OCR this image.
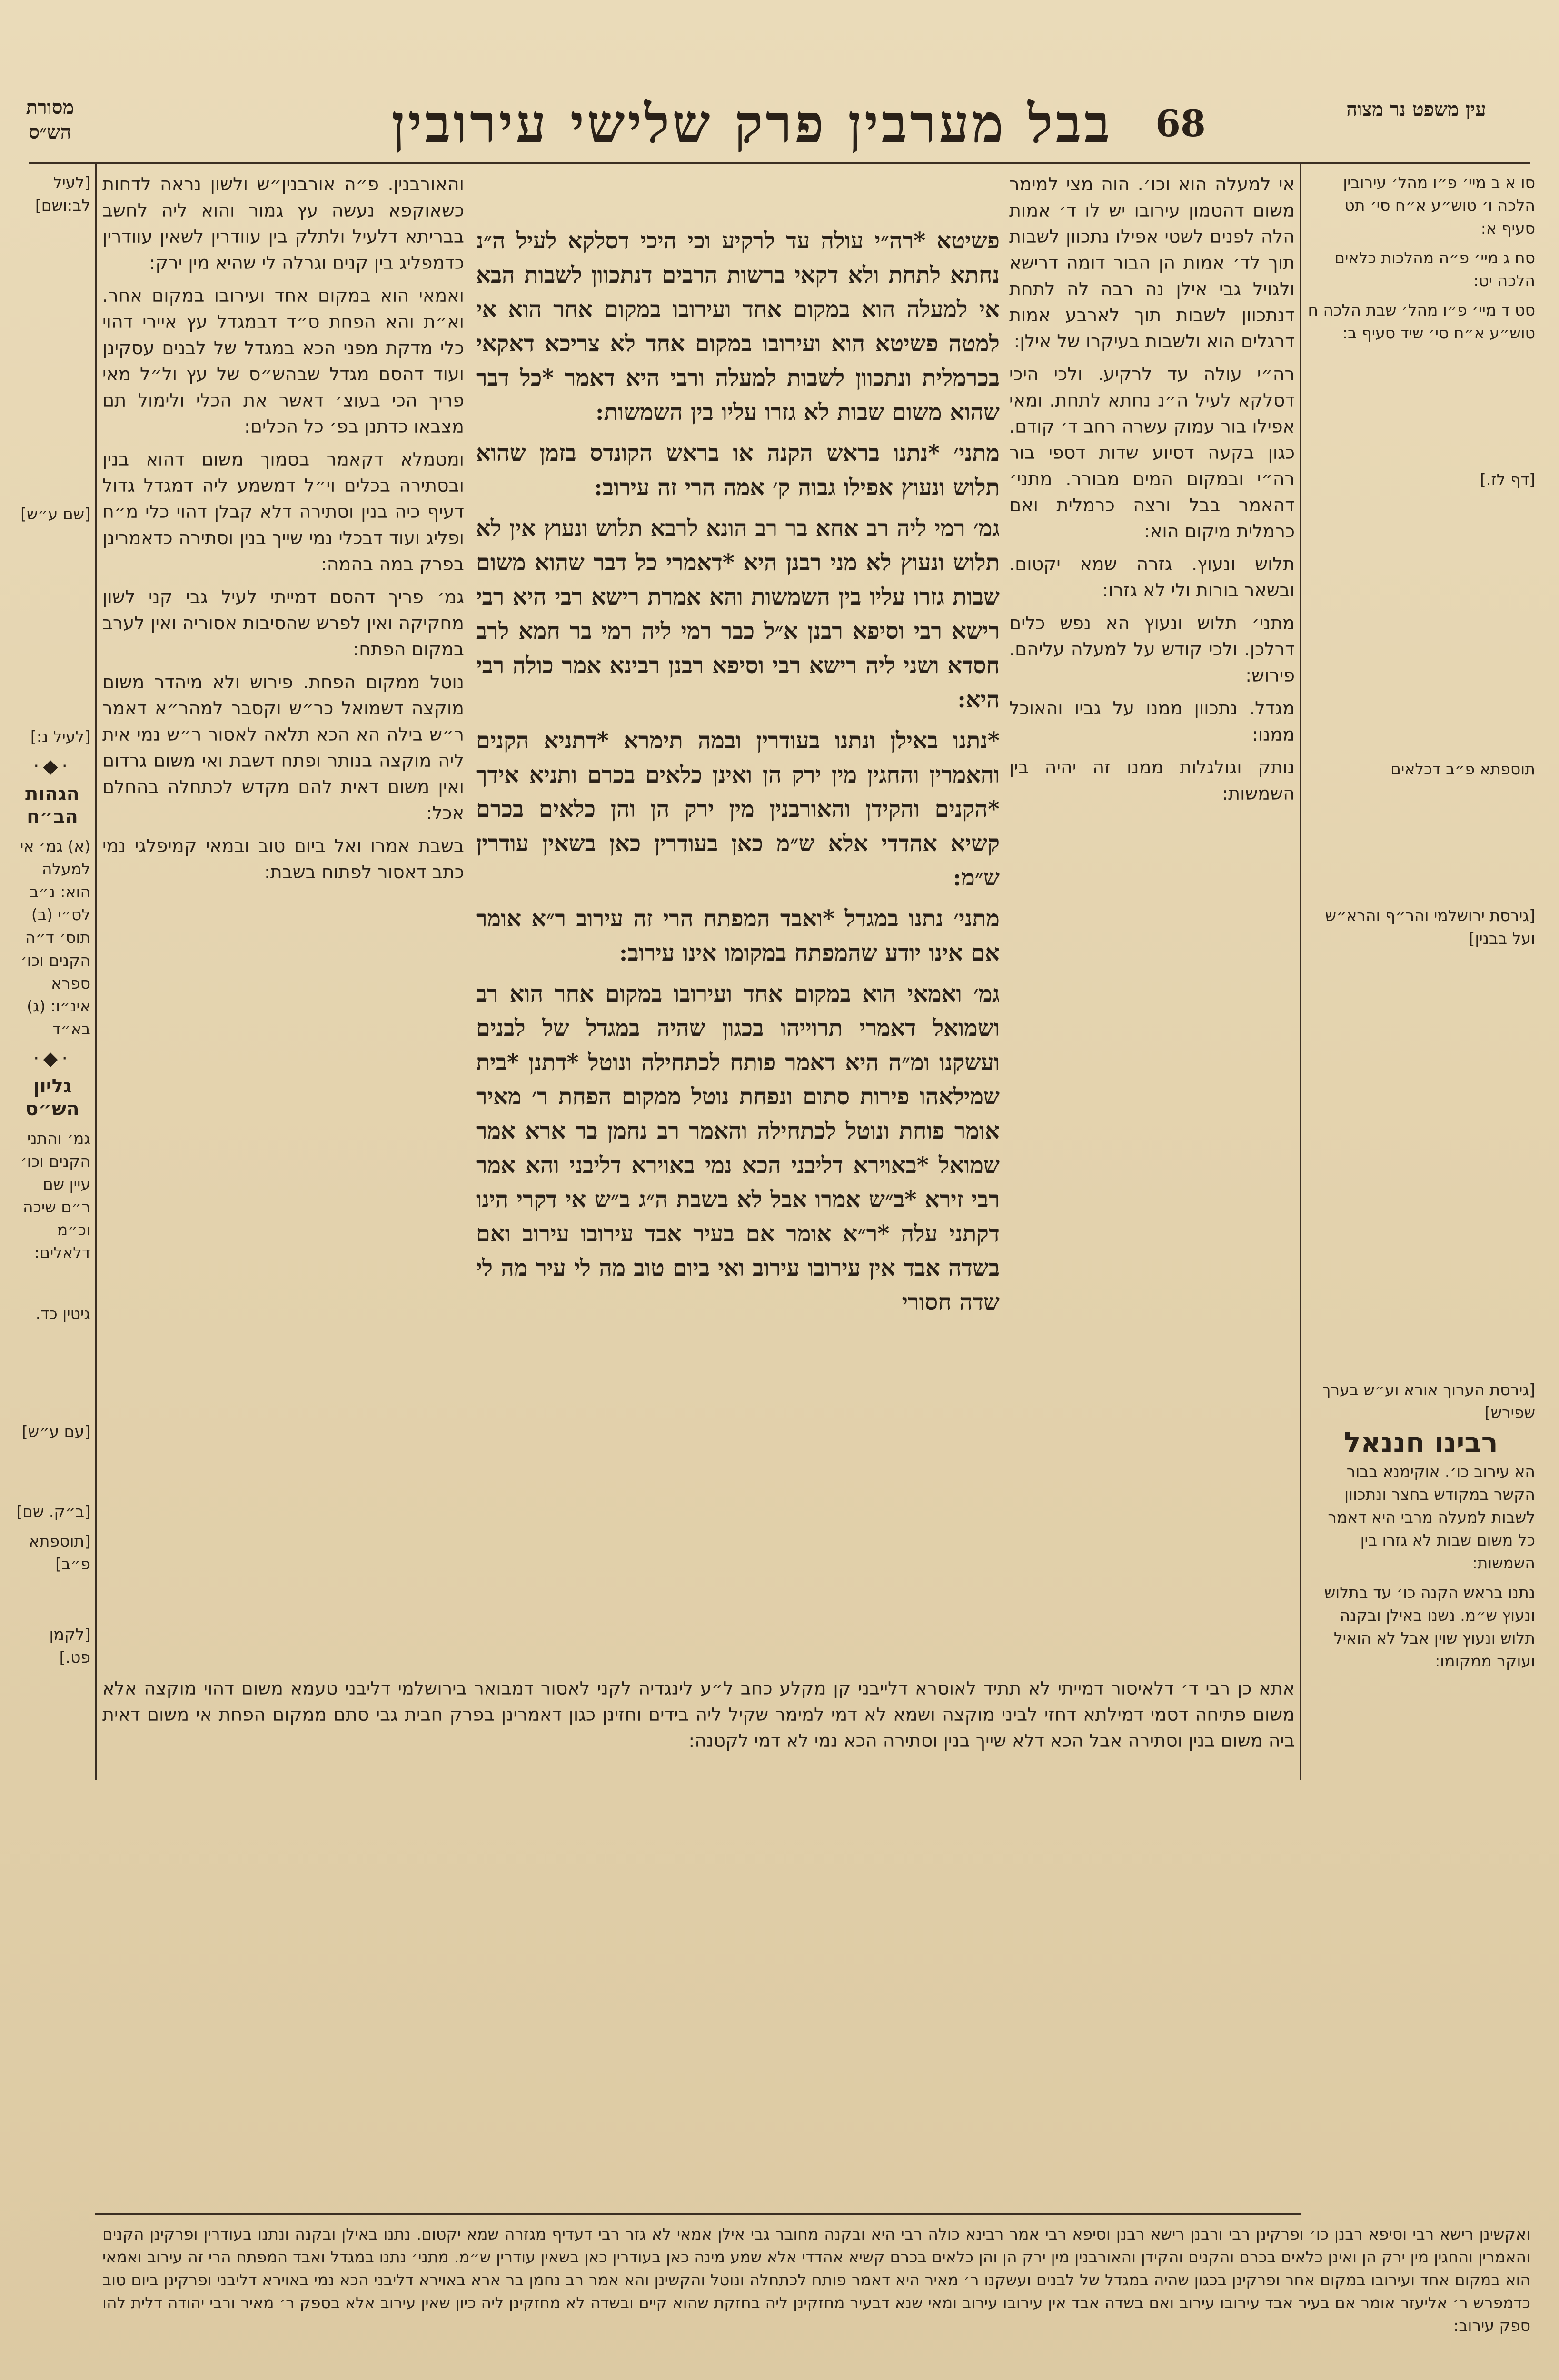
מסורת הש״ס	בבל מערבין פרק שלישי עירובין	68	עין משפט נר מצוה

[לעיל לב:ושם]

[שם ע״ש]

[לעיל נ:]

·◆·

הגהות הב״ח

(א) גמ׳ אי למעלה הוא: נ״ב לס״י (ב) תוס׳ ד״ה הקנים וכו׳ ספרא אינ״ו: (ג) בא״ד

·◆·

גליון הש״ס

גמ׳ והתני הקנים וכו׳ עיין שם ר״ם שיכה וכ״מ דלאלים:

גיטין כד.

[עם ע״ש]

[ב״ק. שם]

[תוספתא פ״ב]

[לקמן פט.]

והאורבנין. פ״ה אורבנין״ש ולשון נראה לדחות כשאוקפא נעשה עץ גמור והוא ליה לחשב בבריתא דלעיל ולתלק בין עוודרין לשאין עוודרין כדמפליג בין קנים וגרלה לי שהיא מין ירק:

ואמאי הוא במקום אחד ועירובו במקום אחר. וא״ת והא הפחת ס״ד דבמגדל עץ איירי דהוי כלי מדקת מפני הכא במגדל של לבנים עסקינן ועוד דהסם מגדל שבהש״ס של עץ ול״ל מאי פריך הכי בעוצ׳ דאשר את הכלי ולימול תם מצבאו כדתנן בפ׳ כל הכלים:

ומטמלא דקאמר בסמוך משום דהוא בנין ובסתירה בכלים וי״ל דמשמע ליה דמגדל גדול דעיף כיה בנין וסתירה דלא קבלן דהוי כלי מ״ח ופליג ועוד דבכלי נמי שייך בנין וסתירה כדאמרינן בפרק במה בהמה:

גמ׳ פריך דהסם דמייתי לעיל גבי קני לשון מחקיקה ואין לפרש שהסיבות אסוריה ואין לערב במקום הפתח:

נוטל ממקום הפחת. פירוש ולא מיהדר משום מוקצה דשמואל כר״ש וקסבר למהר״א דאמר ר״ש בילה הא הכא תלאה לאסור ר״ש נמי אית ליה מוקצה בנותר ופתח דשבת ואי משום גרדום ואין משום דאית להם מקדש לכתחלה בהחלם אכל:

בשבת אמרו ואל ביום טוב ובמאי קמיפלגי נמי כתב דאסור לפתוח בשבת:

פשיטא *רה״י עולה עד לרקיע וכי היכי דסלקא לעיל ה״נ נחתא לתחת ולא דקאי ברשות הרבים דנתכוון לשבות הבא אי למעלה הוא במקום אחד ועירובו במקום אחר הוא אי למטה פשיטא הוא ועירובו במקום אחד לא צריכא דאקאי בכרמלית ונתכוון לשבות למעלה ורבי היא דאמר *כל דבר שהוא משום שבות לא גזרו עליו בין השמשות:

מתני׳ *נתנו בראש הקנה או בראש הקונדס בזמן שהוא תלוש ונעוץ אפילו גבוה ק׳ אמה הרי זה עירוב:

גמ׳ רמי ליה רב אחא בר רב הונא לרבא תלוש ונעוץ אין לא תלוש ונעוץ לא מני רבנן היא *דאמרי כל דבר שהוא משום שבות גזרו עליו בין השמשות והא אמרת רישא רבי היא רבי רישא רבי וסיפא רבנן א״ל כבר רמי ליה רמי בר חמא לרב חסדא ושני ליה רישא רבי וסיפא רבנן רבינא אמר כולה רבי היא:

*נתנו באילן ונתנו בעודרין ובמה תימרא *דתניא הקנים והאמרין והחגין מין ירק הן ואינן כלאים בכרם ותניא אידך *הקנים והקידן והאורבנין מין ירק הן והן כלאים בכרם קשיא אהדדי אלא ש״מ כאן בעודרין כאן בשאין עודרין ש״מ:

מתני׳ נתנו במגדל *ואבד המפתח הרי זה עירוב ר״א אומר אם אינו יודע שהמפתח במקומו אינו עירוב:

גמ׳ ואמאי הוא במקום אחד ועירובו במקום אחר הוא רב ושמואל דאמרי תרוייהו בכגון שהיה במגדל של לבנים ועשקנו ומ״ה היא דאמר פותח לכתחילה ונוטל *דתנן *בית שמילאהו פירות סתום ונפחת נוטל ממקום הפחת ר׳ מאיר אומר פוחת ונוטל לכתחילה והאמר רב נחמן בר ארא אמר שמואל *באוירא דליבני הכא נמי באוירא דליבני והא אמר רבי זירא *ב״ש אמרו אבל לא בשבת ה״ג ב״ש אי דקרי הינו דקתני עלה *ר״א אומר אם בעיר אבד עירובו עירוב ואם בשדה אבד אין עירובו עירוב ואי ביום טוב מה לי עיר מה לי שדה חסורי

אי למעלה הוא וכו׳. הוה מצי למימר משום דהטמון עירובו יש לו ד׳ אמות הלה לפנים לשטי אפילו נתכוון לשבות תוך לד׳ אמות הן הבור דומה דרישא ולגויל גבי אילן נה רבה לה לתחת דנתכוון לשבות תוך לארבע אמות דרגלים הוא ולשבות בעיקרו של אילן:

רה״י עולה עד לרקיע. ולכי היכי דסלקא לעיל ה״נ נחתא לתחת. ומאי אפילו בור עמוק עשרה רחב ד׳ קודם. כגון בקעה דסיוע שדות דספי בור רה״י ובמקום המים מבורר. מתני׳ דהאמר בבל ורצה כרמלית ואם כרמלית מיקום הוא:

תלוש ונעוץ. גזרה שמא יקטום. ובשאר בורות ולי לא גזרו:

מתני׳ תלוש ונעוץ הא נפש כלים דרלכן. ולכי קודש על למעלה עליהם. פירוש:

מגדל. נתכוון ממנו על גביו והאוכל ממנו:

נותק וגולגלות ממנו זה יהיה בין השמשות:

סו א ב מיי׳ פ״ו מהל׳ עירובין הלכה ו׳ טוש״ע א״ח סי׳ תט סעיף א:

סח ג מיי׳ פ״ה מהלכות כלאים הלכה יט:

סט ד מיי׳ פ״ו מהל׳ שבת הלכה ח טוש״ע א״ח סי׳ שיד סעיף ב:

[דף לז.]

תוספתא פ״ב דכלאים

[גירסת ירושלמי והר״ף והרא״ש ועל בבנין]

[גירסת הערוך אורא וע״ש בערך שפירש]

רבינו חננאל

הא עירוב כו׳. אוקימנא בבור הקשר במקודש בחצר ונתכוון לשבות למעלה מרבי היא דאמר כל משום שבות לא גזרו בין השמשות:

נתנו בראש הקנה כו׳ עד בתלוש ונעוץ ש״מ. נשנו באילן ובקנה תלוש ונעוץ שוין אבל לא הואיל ועוקר ממקומו:

אתא כן רבי ד׳ דלאיסור דמייתי לא תתיד לאוסרא דלייבני קן מקלע כחב ל״ע לינגדיה לקני לאסור דמבואר בירושלמי דליבני טעמא משום דהוי מוקצה אלא משום פתיחה דסמי דמילתא דחזי לביני מוקצה ושמא לא דמי למימר שקיל ליה בידים וחזינן כגון דאמרינן בפרק חבית גבי סתם ממקום הפחת אי משום דאית ביה משום בנין וסתירה אבל הכא דלא שייך בנין וסתירה הכא נמי לא דמי לקטנה:

ואקשינן רישא רבי וסיפא רבנן כו׳ ופרקינן רבי ורבנן רישא רבנן וסיפא רבי אמר רבינא כולה רבי היא ובקנה מחובר גבי אילן אמאי לא גזר רבי דעדיף מגזרה שמא יקטום. נתנו באילן ובקנה ונתנו בעודרין ופרקינן הקנים והאמרין והחגין מין ירק הן ואינן כלאים בכרם והקנים והקידן והאורבנין מין ירק הן והן כלאים בכרם קשיא אהדדי אלא שמע מינה כאן בעודרין כאן בשאין עודרין ש״מ. מתני׳ נתנו במגדל ואבד המפתח הרי זה עירוב ואמאי הוא במקום אחד ועירובו במקום אחר ופרקינן בכגון שהיה במגדל של לבנים ועשקנו ר׳ מאיר היא דאמר פותח לכתחלה ונוטל והקשינן והא אמר רב נחמן בר ארא באוירא דליבני הכא נמי באוירא דליבני ופרקינן ביום טוב כדמפרש ר׳ אליעזר אומר אם בעיר אבד עירובו עירוב ואם בשדה אבד אין עירובו עירוב ומאי שנא דבעיר מחזקינן ליה בחזקת שהוא קיים ובשדה לא מחזקינן ליה כיון שאין עירוב אלא בספק ר׳ מאיר ורבי יהודה דלית להו ספק עירוב:
